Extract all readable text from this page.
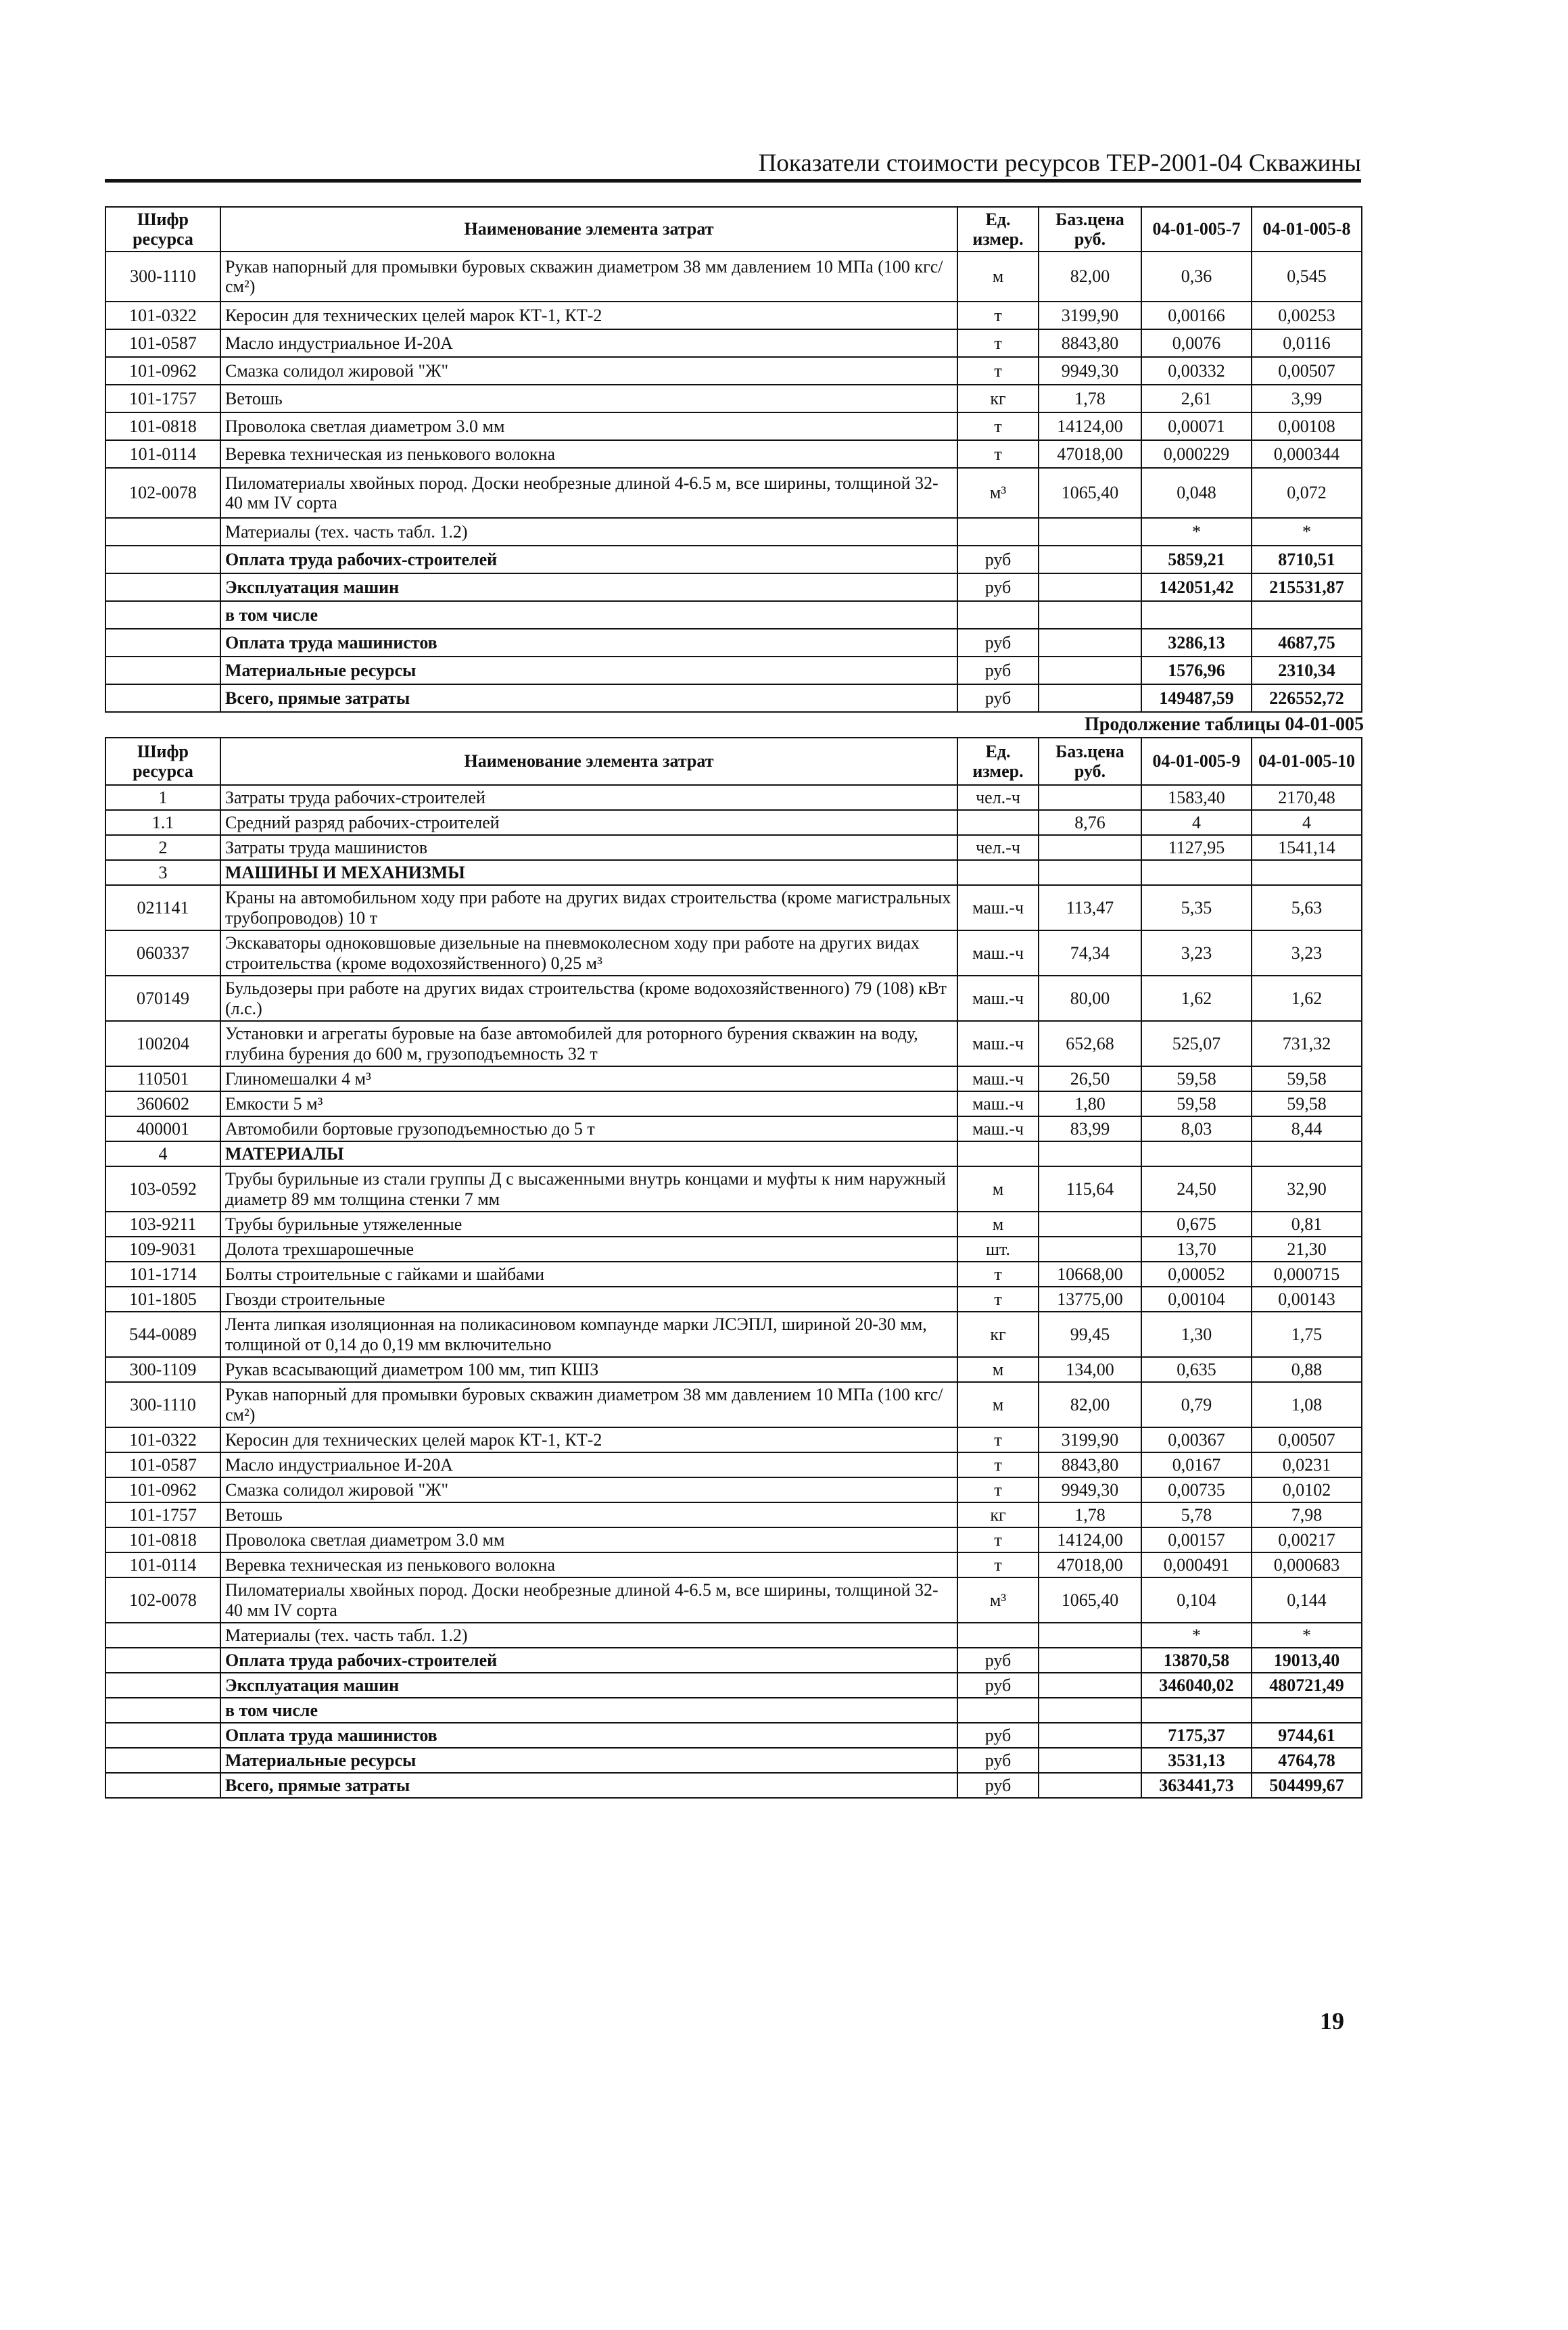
Показатели стоимости ресурсов ТЕР-2001-04 Скважины
Шифр ресурса	Наименование элемента затрат	Ед. измер.	Баз.цена руб.	04-01-005-7	04-01-005-8
300-1110	Рукав напорный для промывки буровых скважин диаметром 38 мм давлением 10 МПа (100 кгс/см²)	м	82,00	0,36	0,545
101-0322	Керосин для технических целей марок КТ-1, КТ-2	т	3199,90	0,00166	0,00253
101-0587	Масло индустриальное И-20А	т	8843,80	0,0076	0,0116
101-0962	Смазка солидол жировой "Ж"	т	9949,30	0,00332	0,00507
101-1757	Ветошь	кг	1,78	2,61	3,99
101-0818	Проволока светлая диаметром 3.0 мм	т	14124,00	0,00071	0,00108
101-0114	Веревка техническая из пенькового волокна	т	47018,00	0,000229	0,000344
102-0078	Пиломатериалы хвойных пород. Доски необрезные длиной 4-6.5 м, все ширины, толщиной 32-40 мм IV сорта	м³	1065,40	0,048	0,072
	Материалы (тех. часть табл. 1.2)			*	*
	Оплата труда рабочих-строителей	руб		5859,21	8710,51
	Эксплуатация машин	руб		142051,42	215531,87
	в том числе				
	Оплата труда машинистов	руб		3286,13	4687,75
	Материальные ресурсы	руб		1576,96	2310,34
	Всего, прямые затраты	руб		149487,59	226552,72
Продолжение таблицы 04-01-005
Шифр ресурса	Наименование элемента затрат	Ед. измер.	Баз.цена руб.	04-01-005-9	04-01-005-10
1	Затраты труда рабочих-строителей	чел.-ч		1583,40	2170,48
1.1	Средний разряд рабочих-строителей		8,76	4	4
2	Затраты труда машинистов	чел.-ч		1127,95	1541,14
3	МАШИНЫ И МЕХАНИЗМЫ				
021141	Краны на автомобильном ходу при работе на других видах строительства (кроме магистральных трубопроводов) 10 т	маш.-ч	113,47	5,35	5,63
060337	Экскаваторы одноковшовые дизельные на пневмоколесном ходу при работе на других видах строительства (кроме водохозяйственного) 0,25 м³	маш.-ч	74,34	3,23	3,23
070149	Бульдозеры при работе на других видах строительства (кроме водохозяйственного) 79 (108) кВт (л.с.)	маш.-ч	80,00	1,62	1,62
100204	Установки и агрегаты буровые на базе автомобилей для роторного бурения скважин на воду, глубина бурения до 600 м, грузоподъемность 32 т	маш.-ч	652,68	525,07	731,32
110501	Глиномешалки 4 м³	маш.-ч	26,50	59,58	59,58
360602	Емкости 5 м³	маш.-ч	1,80	59,58	59,58
400001	Автомобили бортовые грузоподъемностью до 5 т	маш.-ч	83,99	8,03	8,44
4	МАТЕРИАЛЫ				
103-0592	Трубы бурильные из стали группы Д с высаженными внутрь концами и муфты к ним наружный диаметр 89 мм толщина стенки 7 мм	м	115,64	24,50	32,90
103-9211	Трубы бурильные утяжеленные	м		0,675	0,81
109-9031	Долота трехшарошечные	шт.		13,70	21,30
101-1714	Болты строительные с гайками и шайбами	т	10668,00	0,00052	0,000715
101-1805	Гвозди строительные	т	13775,00	0,00104	0,00143
544-0089	Лента липкая изоляционная на поликасиновом компаунде марки ЛСЭПЛ, шириной 20-30 мм, толщиной от 0,14 до 0,19 мм включительно	кг	99,45	1,30	1,75
300-1109	Рукав всасывающий диаметром 100 мм, тип КШЗ	м	134,00	0,635	0,88
300-1110	Рукав напорный для промывки буровых скважин диаметром 38 мм давлением 10 МПа (100 кгс/см²)	м	82,00	0,79	1,08
101-0322	Керосин для технических целей марок КТ-1, КТ-2	т	3199,90	0,00367	0,00507
101-0587	Масло индустриальное И-20А	т	8843,80	0,0167	0,0231
101-0962	Смазка солидол жировой "Ж"	т	9949,30	0,00735	0,0102
101-1757	Ветошь	кг	1,78	5,78	7,98
101-0818	Проволока светлая диаметром 3.0 мм	т	14124,00	0,00157	0,00217
101-0114	Веревка техническая из пенькового волокна	т	47018,00	0,000491	0,000683
102-0078	Пиломатериалы хвойных пород. Доски необрезные длиной 4-6.5 м, все ширины, толщиной 32-40 мм IV сорта	м³	1065,40	0,104	0,144
	Материалы (тех. часть табл. 1.2)			*	*
	Оплата труда рабочих-строителей	руб		13870,58	19013,40
	Эксплуатация машин	руб		346040,02	480721,49
	в том числе				
	Оплата труда машинистов	руб		7175,37	9744,61
	Материальные ресурсы	руб		3531,13	4764,78
	Всего, прямые затраты	руб		363441,73	504499,67
19
